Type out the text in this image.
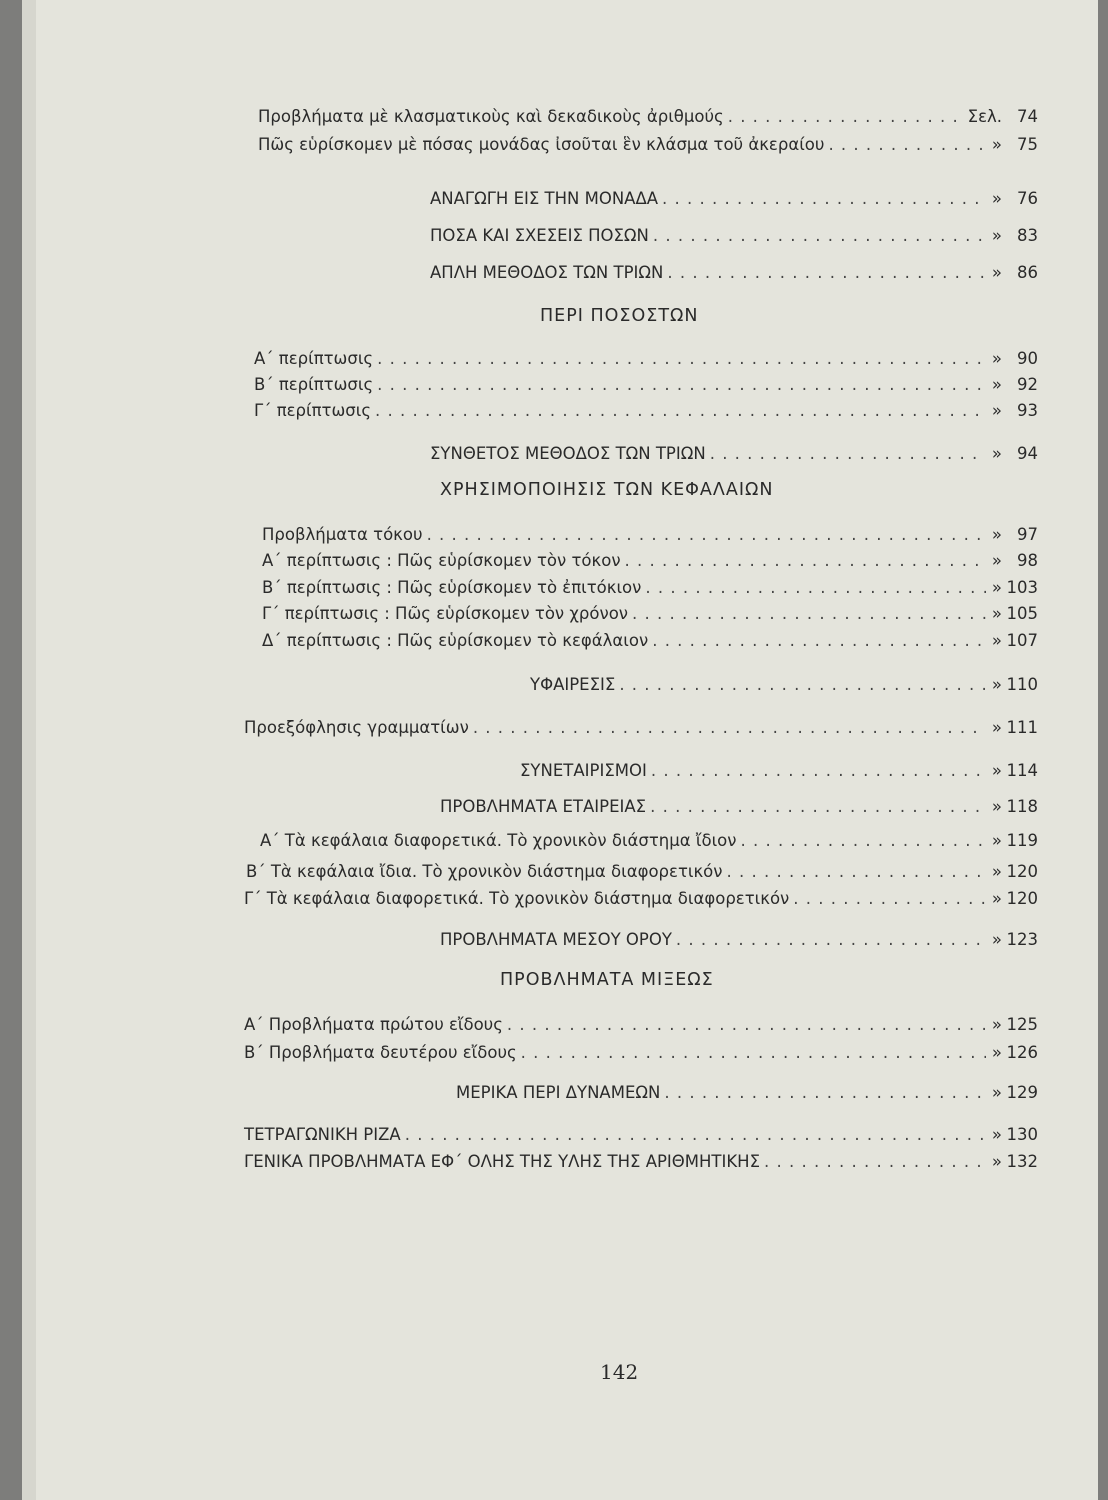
Προβλήματα μὲ κλασματικοὺς καὶ δεκαδικοὺς ἀριθμούς . . .	Σελ. 74
Πῶς εὑρίσκομεν μὲ πόσας μονάδας ἰσοῦται ἓν κλάσμα τοῦ ἀκεραίου . . .	» 75
ΑΝΑΓΩΓΗ ΕΙΣ ΤΗΝ ΜΟΝΑΔΑ . . .	» 76
ΠΟΣΑ ΚΑΙ ΣΧΕΣΕΙΣ ΠΟΣΩΝ . . .	» 83
ΑΠΛΗ ΜΕΘΟΔΟΣ ΤΩΝ ΤΡΙΩΝ . . .	» 86
ΠΕΡΙ ΠΟΣΟΣΤΩΝ
Α΄ περίπτωσις . . .	» 90
Β΄ περίπτωσις . . .	» 92
Γ΄ περίπτωσις . . .	» 93
ΣΥΝΘΕΤΟΣ ΜΕΘΟΔΟΣ ΤΩΝ ΤΡΙΩΝ . . .	» 94
ΧΡΗΣΙΜΟΠΟΙΗΣΙΣ ΤΩΝ ΚΕΦΑΛΑΙΩΝ
Προβλήματα τόκου . . .	» 97
Α΄ περίπτωσις : Πῶς εὑρίσκομεν τὸν τόκον . . .	» 98
Β΄ περίπτωσις : Πῶς εὑρίσκομεν τὸ ἐπιτόκιον . . .	» 103
Γ΄ περίπτωσις : Πῶς εὑρίσκομεν τὸν χρόνον . . .	» 105
Δ΄ περίπτωσις : Πῶς εὑρίσκομεν τὸ κεφάλαιον . . .	» 107
ΥΦΑΙΡΕΣΙΣ . . .	» 110
Προεξόφλησις γραμματίων . . .	» 111
ΣΥΝΕΤΑΙΡΙΣΜΟΙ . . .	» 114
ΠΡΟΒΛΗΜΑΤΑ ΕΤΑΙΡΕΙΑΣ . . .	» 118
Α΄ Τὰ κεφάλαια διαφορετικά. Τὸ χρονικὸν διάστημα ἴδιον . . .	» 119
Β΄ Τὰ κεφάλαια ἴδια. Τὸ χρονικὸν διάστημα διαφορετικόν . . .	» 120
Γ΄ Τὰ κεφάλαια διαφορετικά. Τὸ χρονικὸν διάστημα διαφορετικόν . . .	» 120
ΠΡΟΒΛΗΜΑΤΑ ΜΕΣΟΥ ΟΡΟΥ . . .	» 123
ΠΡΟΒΛΗΜΑΤΑ ΜΙΞΕΩΣ
Α΄ Προβλήματα πρώτου εἴδους . . .	» 125
Β΄ Προβλήματα δευτέρου εἴδους . . .	» 126
ΜΕΡΙΚΑ ΠΕΡΙ ΔΥΝΑΜΕΩΝ . . .	» 129
ΤΕΤΡΑΓΩΝΙΚΗ ΡΙΖΑ . . .	» 130
ΓΕΝΙΚΑ ΠΡΟΒΛΗΜΑΤΑ ΕΦ΄ ΟΛΗΣ ΤΗΣ ΥΛΗΣ ΤΗΣ ΑΡΙΘΜΗΤΙΚΗΣ . . .	» 132
142
